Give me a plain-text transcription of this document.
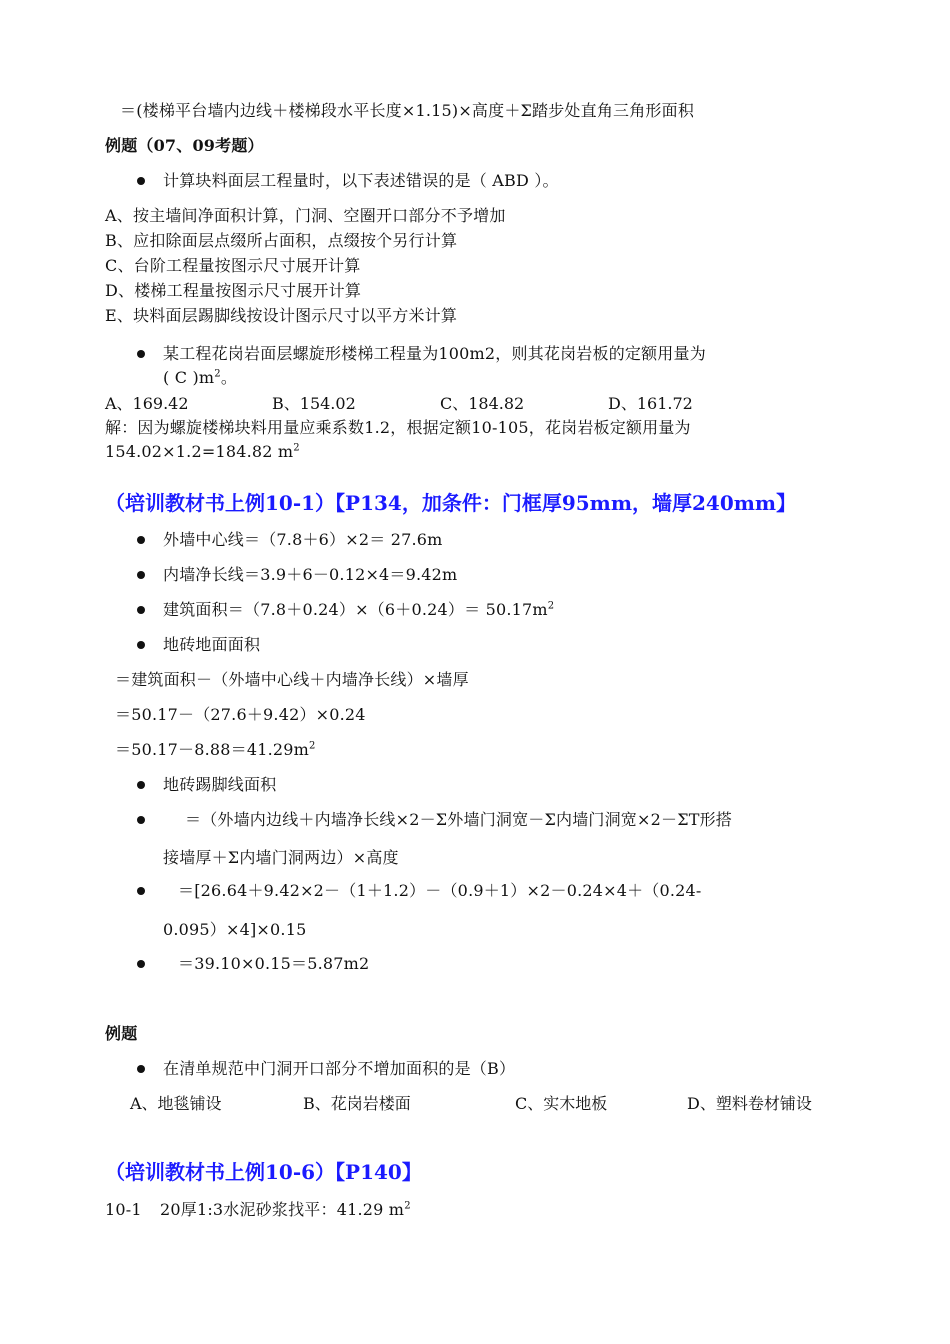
＝(楼梯平台墙内边线＋楼梯段水平长度×1.15)×高度＋Σ踏步处直角三角形面积
例题（07、09考题）
计算块料面层工程量时，以下表述错误的是（ ABD ）。
A、按主墙间净面积计算，门洞、空圈开口部分不予增加
B、应扣除面层点缀所占面积，点缀按个另行计算
C、台阶工程量按图示尺寸展开计算
D、楼梯工程量按图示尺寸展开计算
E、块料面层踢脚线按设计图示尺寸以平方米计算
某工程花岗岩面层螺旋形楼梯工程量为100m2，则其花岗岩板的定额用量为
( C )$m^2$。
A、169.42	B、154.02	C、184.82	D、161.72
解：因为螺旋楼梯块料用量应乘系数1.2，根据定额10-105，花岗岩板定额用量为
154.02×1.2=184.82 $m^2$
（培训教材书上例10-1）【P134，加条件：门框厚95mm，墙厚240mm】
外墙中心线＝（7.8＋6）×2＝ 27.6m
内墙净长线＝3.9＋6－0.12×4＝9.42m
建筑面积$=(7.8+0.24)\times(6+0.24)= 50.17m^2$
地砖地面面积
＝建筑面积－（外墙中心线＋内墙净长线）×墙厚
＝50.17－（27.6＋9.42）×0.24
$=50.17-8.88=41.29m^2$
地砖踢脚线面积
＝（外墙内边线＋内墙净长线×2－Σ外墙门洞宽－Σ内墙门洞宽×2－ΣT形搭
接墙厚＋Σ内墙门洞两边）×高度
＝[26.64＋9.42×2－（1＋1.2）－（0.9＋1）×2－0.24×4＋（0.24-
0.095）×4]×0.15
＝39.10×0.15＝5.87m2
例题
在清单规范中门洞开口部分不增加面积的是（B）
A、地毯铺设	B、花岗岩楼面	C、实木地板	D、塑料卷材铺设
（培训教材书上例10-6）【P140】
10-1 20厚1:3水泥砂浆找平：41.29 $m^2$
